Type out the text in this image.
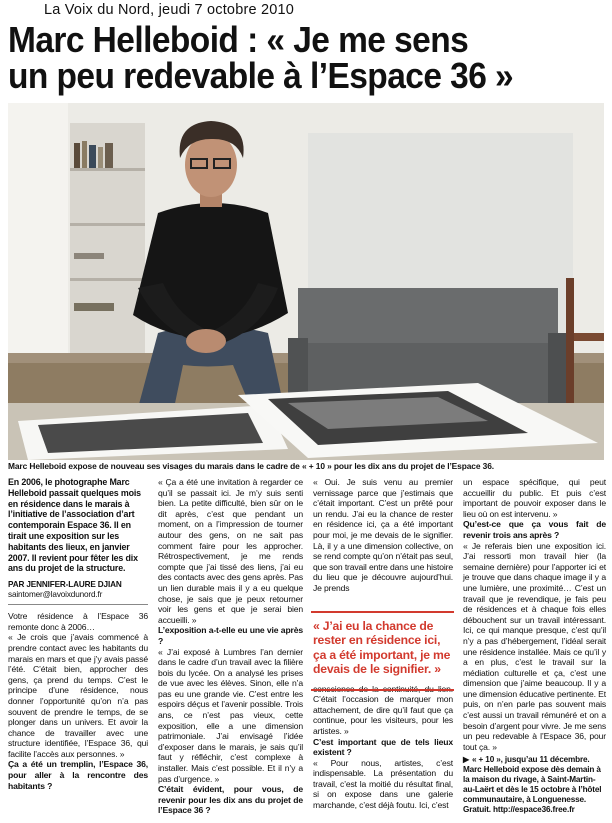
La Voix du Nord, jeudi 7 octobre 2010
Marc Helleboid : « Je me sens
un peu redevable à l’Espace 36 »
Marc Helleboid expose de nouveau ses visages du marais dans le cadre de « + 10 » pour les dix ans du projet de l’Espace 36.

En 2006, le photographe Marc Helleboid passait quelques mois en résidence dans le marais à l’initiative de l’association d’art contemporain Espace 36. Il en tirait une exposition sur les habitants des lieux, en janvier 2007. Il revient pour fêter les dix ans du projet de la structure.

PAR JENNIFER-LAURE DJIAN
saintomer@lavoixdunord.fr

Votre résidence à l’Espace 36 remonte donc à 2006…

« Je crois que j’avais commencé à prendre contact avec les habitants du marais en mars et que j’y avais passé l’été. C’était bien, approcher des gens, ça prend du temps. C’est le principe d’une résidence, nous donner l’opportunité qu’on n’a pas souvent de prendre le temps, de se plonger dans un univers. Et avoir la chance de travailler avec une structure identifiée, l’Espace 36, qui facilite l’accès aux personnes. »

Ça a été un tremplin, l’Espace 36, pour aller à la rencontre des habitants ?

« Ça a été une invitation à regarder ce qu’il se passait ici. Je m’y suis senti bien. La petite difficulté, bien sûr on le dit après, c’est que pendant un moment, on a l’impression de tourner autour des gens, on ne sait pas comment faire pour les approcher. Rétrospectivement, je me rends compte que j’ai tissé des liens, j’ai eu des contacts avec des gens après. Pas un lien durable mais il y a eu quelque chose, je sais que je peux retourner voir les gens et que je serai bien accueilli. »

L’exposition a-t-elle eu une vie après ?

« J’ai exposé à Lumbres l’an dernier dans le cadre d’un travail avec la filière bois du lycée. On a analysé les prises de vue avec les élèves. Sinon, elle n’a pas eu une grande vie. C’est entre les espoirs déçus et l’avenir possible. Trois ans, ce n’est pas vieux, cette exposition, elle a une dimension patrimoniale. J’ai envisagé l’idée d’exposer dans le marais, je sais qu’il faut y réfléchir, c’est complexe à installer. Mais c’est possible. Et il n’y a pas d’urgence. »

C’était évident, pour vous, de revenir pour les dix ans du projet de l’Espace 36 ?

« Oui. Je suis venu au premier vernissage parce que j’estimais que c’était important. C’est un prêté pour un rendu. J’ai eu la chance de rester en résidence ici, ça a été important pour moi, je me devais de le signifier. Là, il y a une dimension collective, on se rend compte qu’on n’était pas seul, que son travail entre dans une histoire du lieu que je découvre aujourd’hui. Je prends

conscience de la continuité, du lien. C’était l’occasion de marquer mon attachement, de dire qu’il faut que ça continue, pour les visiteurs, pour les artistes. »

C’est important que de tels lieux existent ?

« Pour nous, artistes, c’est indispensable. La présentation du travail, c’est la moitié du résultat final, si on expose dans une galerie marchande, c’est déjà foutu. Ici, c’est

« J’ai eu la chance de rester en résidence ici, ça a été important, je me devais de le signifier. »

un espace spécifique, qui peut accueillir du public. Et puis c’est important de pouvoir exposer dans le lieu où on est intervenu. »

Qu’est-ce que ça vous fait de revenir trois ans après ?

« Je referais bien une exposition ici. J’ai ressorti mon travail hier (la semaine dernière) pour l’apporter ici et je trouve que dans chaque image il y a une lumière, une proximité… C’est un travail que je revendique, je fais peu de résidences et à chaque fois elles débouchent sur un travail intéressant. Ici, ce qui manque presque, c’est qu’il n’y a pas d’hébergement, l’idéal serait une résidence installée. Mais ce qu’il y a en plus, c’est le travail sur la médiation culturelle et ça, c’est une dimension que j’aime beaucoup. Il y a une dimension éducative pertinente. Et puis, on n’en parle pas souvent mais c’est aussi un travail rémunéré et on a besoin d’argent pour vivre. Je me sens un peu redevable à l’Espace 36, pour tout ça. »

▶ « + 10 », jusqu’au 11 décembre. Marc Helleboid expose dès demain à la maison du rivage, à Saint-Martin-au-Laërt et dès le 15 octobre à l’hôtel communautaire, à Longuenesse. Gratuit. http://espace36.free.fr
